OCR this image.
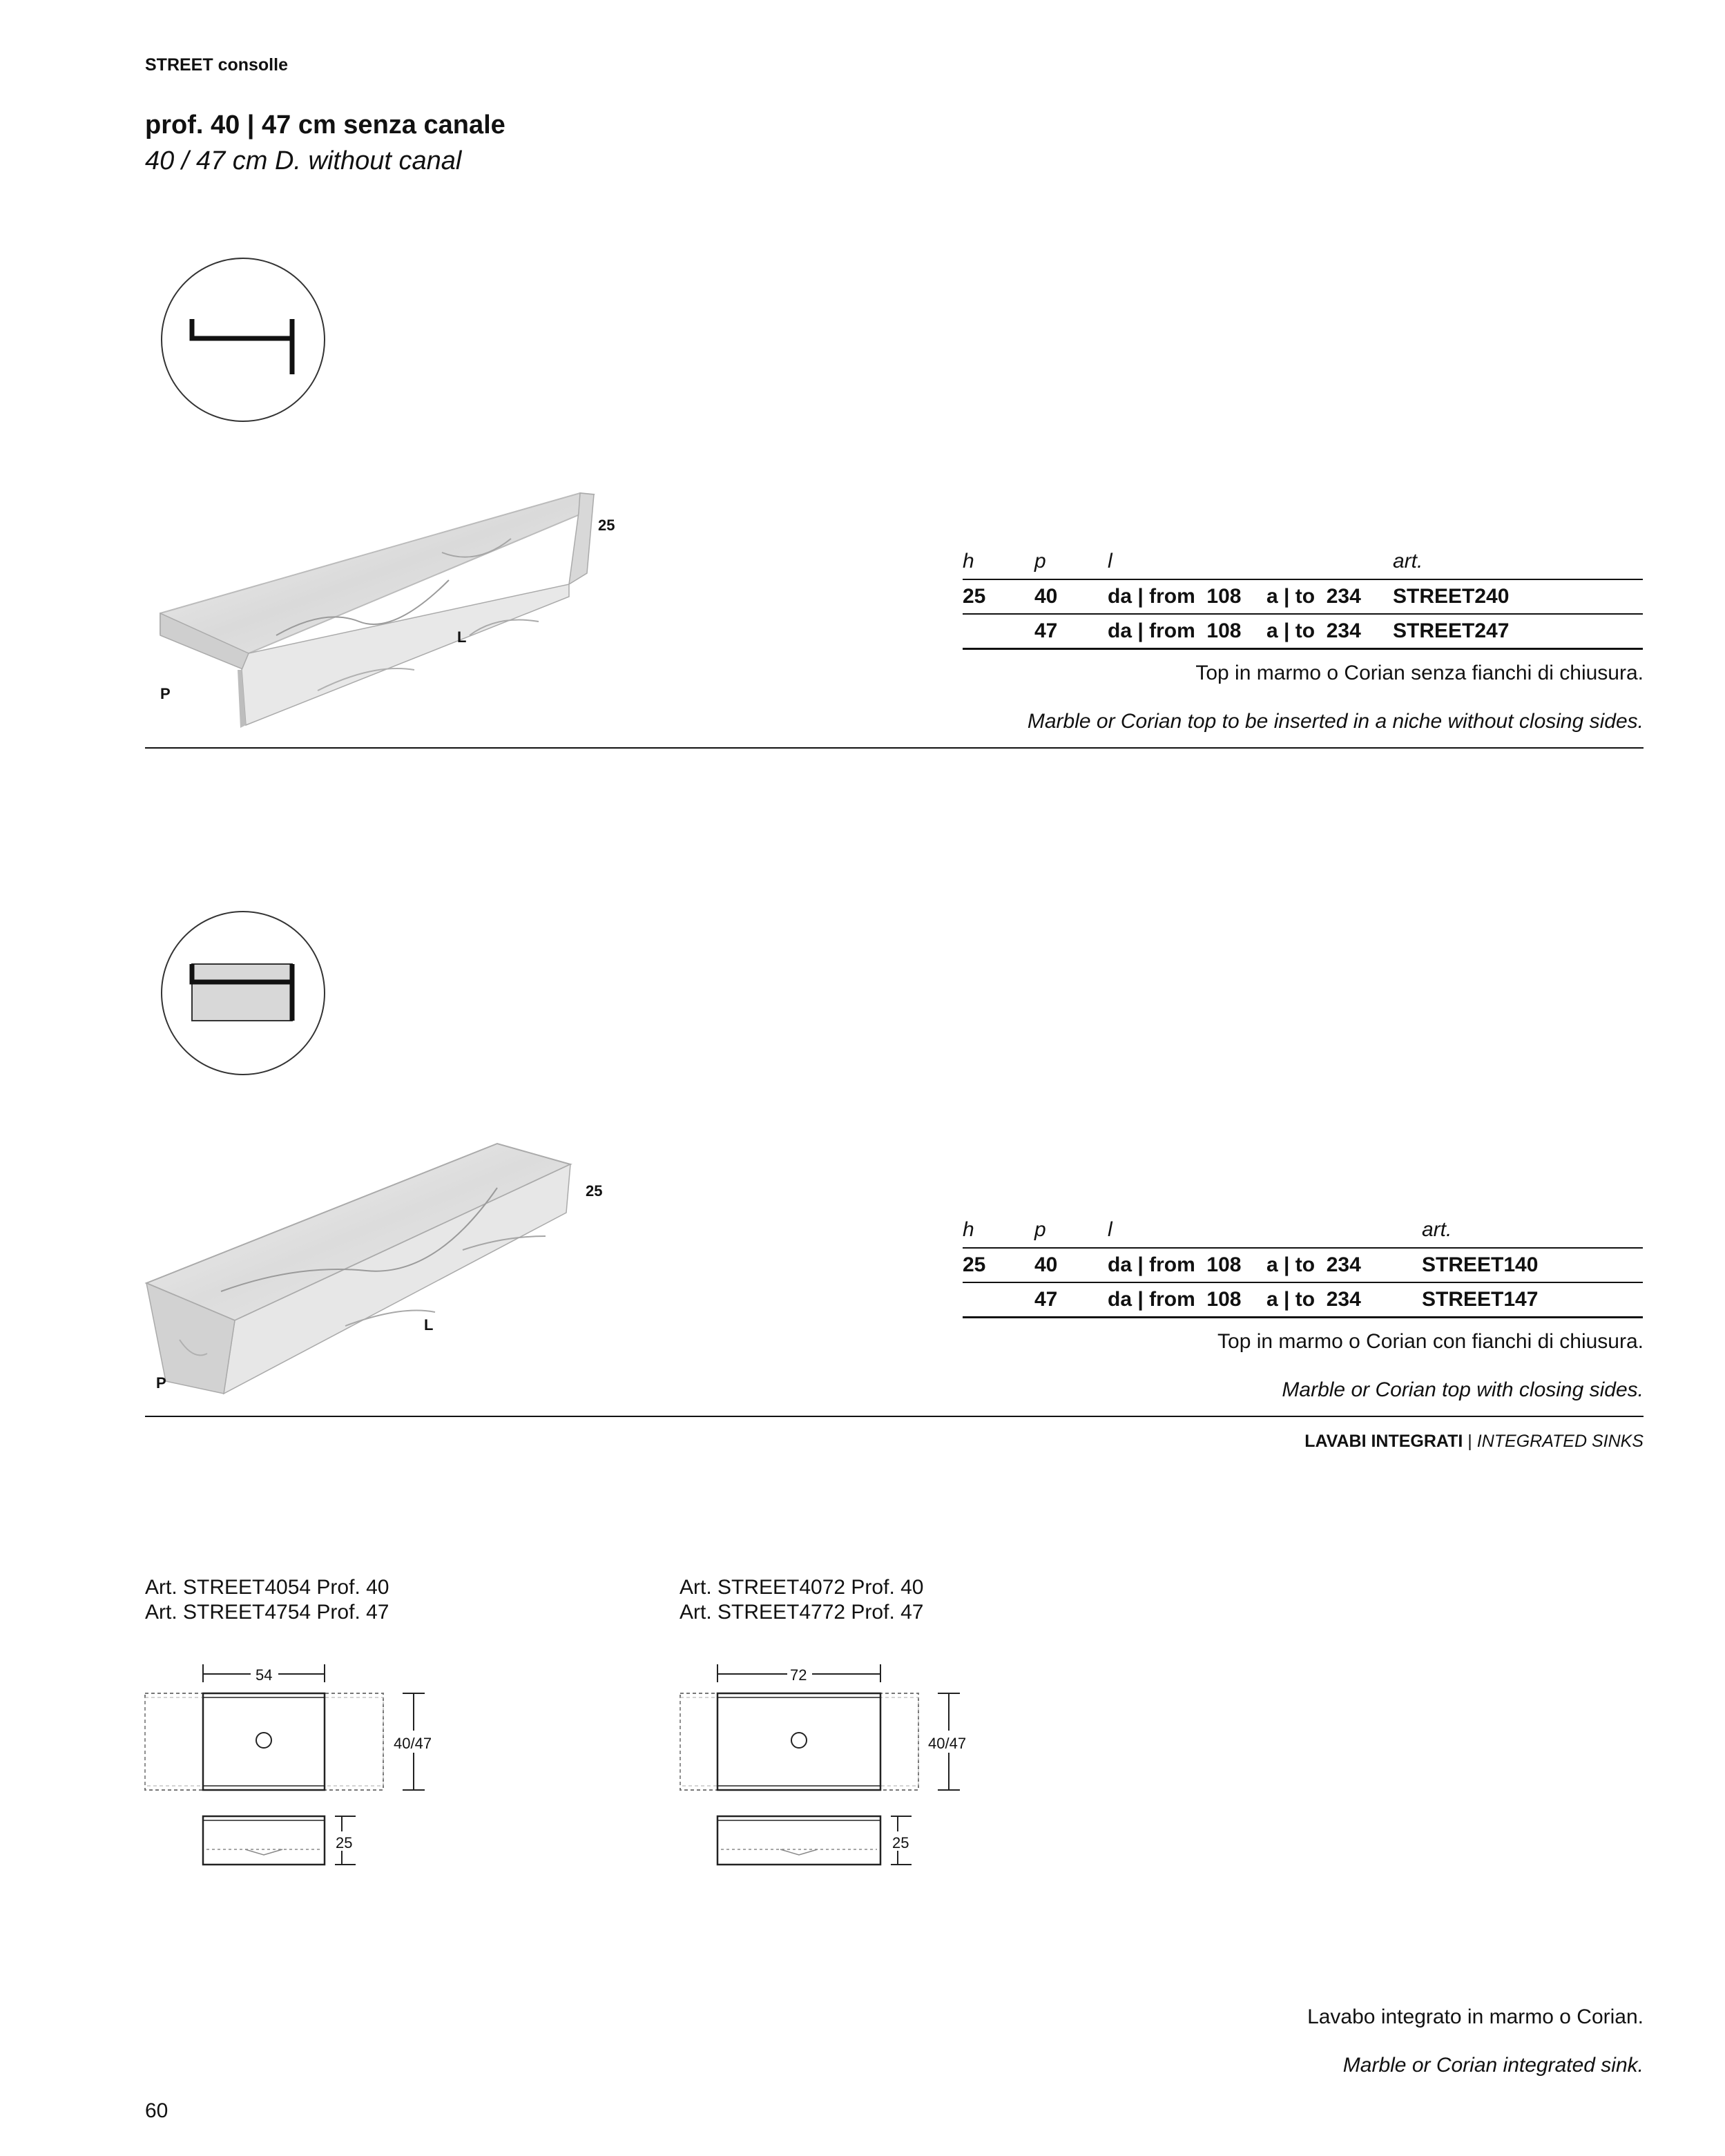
STREET consolle
prof. 40 | 47 cm senza canale
40 / 47 cm D. without canal
25
L
P
h	p	l		art.
25	40	da | from 108	a | to 234	STREET240
	47	da | from 108	a | to 234	STREET247
Top in marmo o Corian senza fianchi di chiusura.
Marble or Corian top to be inserted in a niche without closing sides.
25
L
P
h	p	l		art.
25	40	da | from 108	a | to 234	STREET140
	47	da | from 108	a | to 234	STREET147
Top in marmo o Corian con fianchi di chiusura.
Marble or Corian top with closing sides.
LAVABI INTEGRATI | INTEGRATED SINKS
Art. STREET4054 Prof. 40
Art. STREET4754 Prof. 47
54
40/47
25
Art. STREET4072 Prof. 40
Art. STREET4772 Prof. 47
72
40/47
25
Lavabo integrato in marmo o Corian.
Marble or Corian integrated sink.
60
